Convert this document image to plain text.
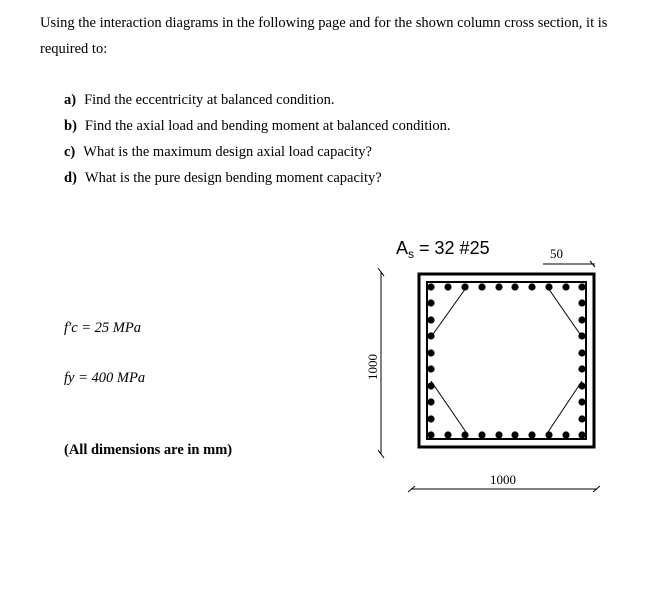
Using the interaction diagrams in the following page and for the shown column cross section, it is required to:
a) Find the eccentricity at balanced condition.
b) Find the axial load and bending moment at balanced condition.
c) What is the maximum design axial load capacity?
d) What is the pure design bending moment capacity?
f′c = 25 MPa
fy = 400 MPa
(All dimensions are in mm)
$A_s = 32$ #25	50
1000
1000
